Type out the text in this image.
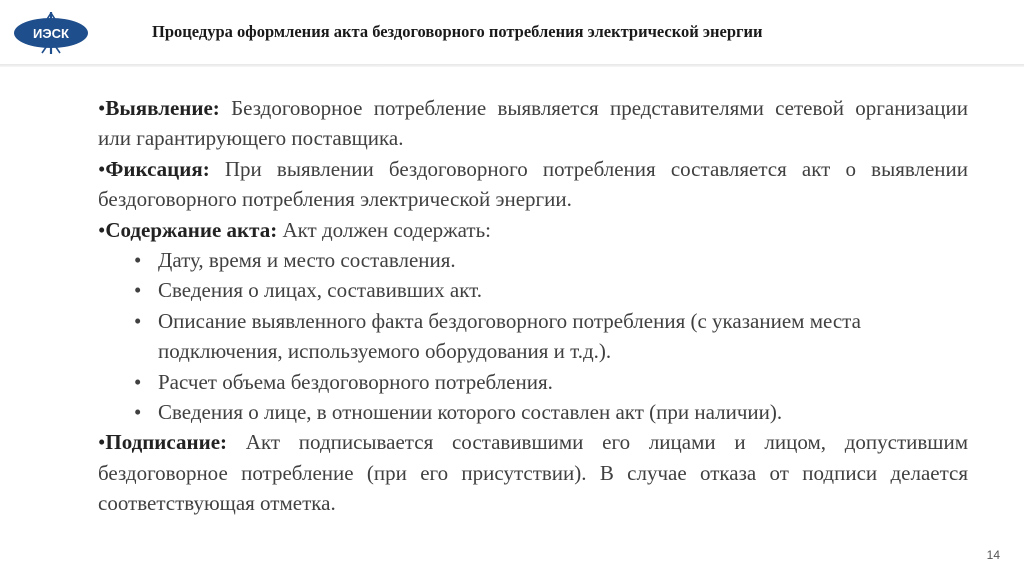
ИЭСК	Процедура оформления акта бездоговорного потребления электрической энергии

•Выявление: Бездоговорное потребление выявляется представителями сетевой организации или гарантирующего поставщика.

•Фиксация: При выявлении бездоговорного потребления составляется акт о выявлении бездоговорного потребления электрической энергии.

•Содержание акта: Акт должен содержать:

• Дату, время и место составления.
• Сведения о лицах, составивших акт.
• Описание выявленного факта бездоговорного потребления (с указанием места подключения, используемого оборудования и т.д.).
• Расчет объема бездоговорного потребления.
• Сведения о лице, в отношении которого составлен акт (при наличии).

•Подписание: Акт подписывается составившими его лицами и лицом, допустившим бездоговорное потребление (при его присутствии). В случае отказа от подписи делается соответствующая отметка.

14
